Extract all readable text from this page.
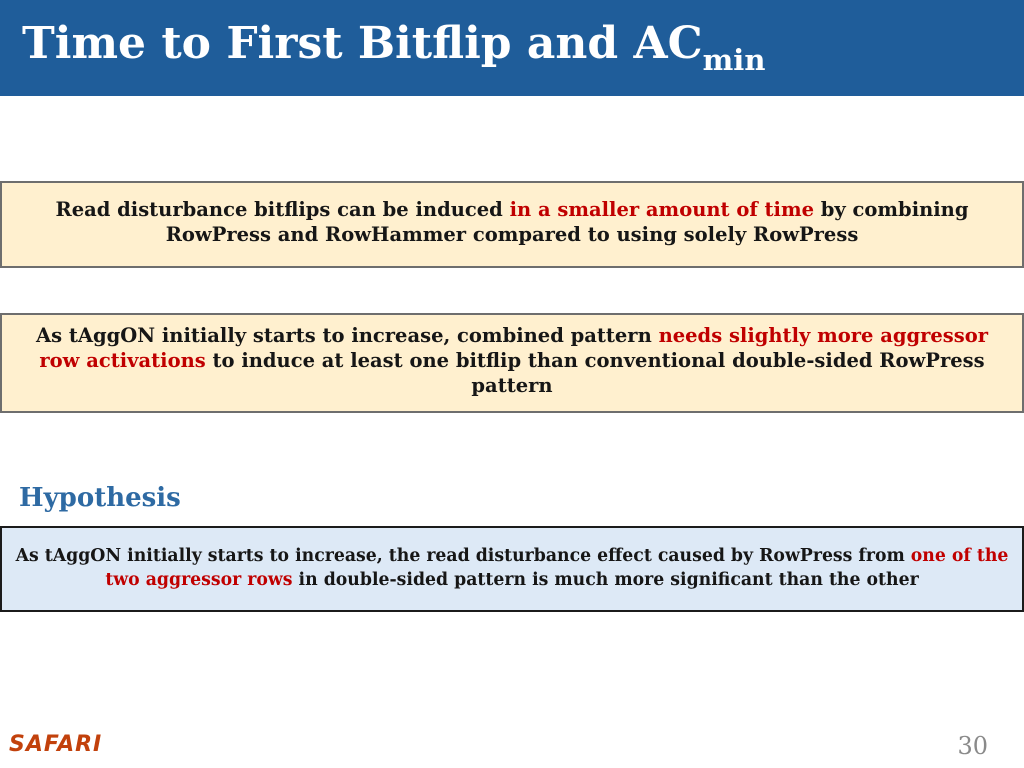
Time to First Bitflip and $AC_{min}$
Read disturbance bitflips can be induced in a smaller amount of time by combining RowPress and RowHammer compared to using solely RowPress
As tAggON initially starts to increase, combined pattern needs slightly more aggressor row activations to induce at least one bitflip than conventional double-sided RowPress pattern
Hypothesis
As tAggON initially starts to increase, the read disturbance effect caused by RowPress from one of the two aggressor rows in double-sided pattern is much more significant than the other
SAFARI	30
